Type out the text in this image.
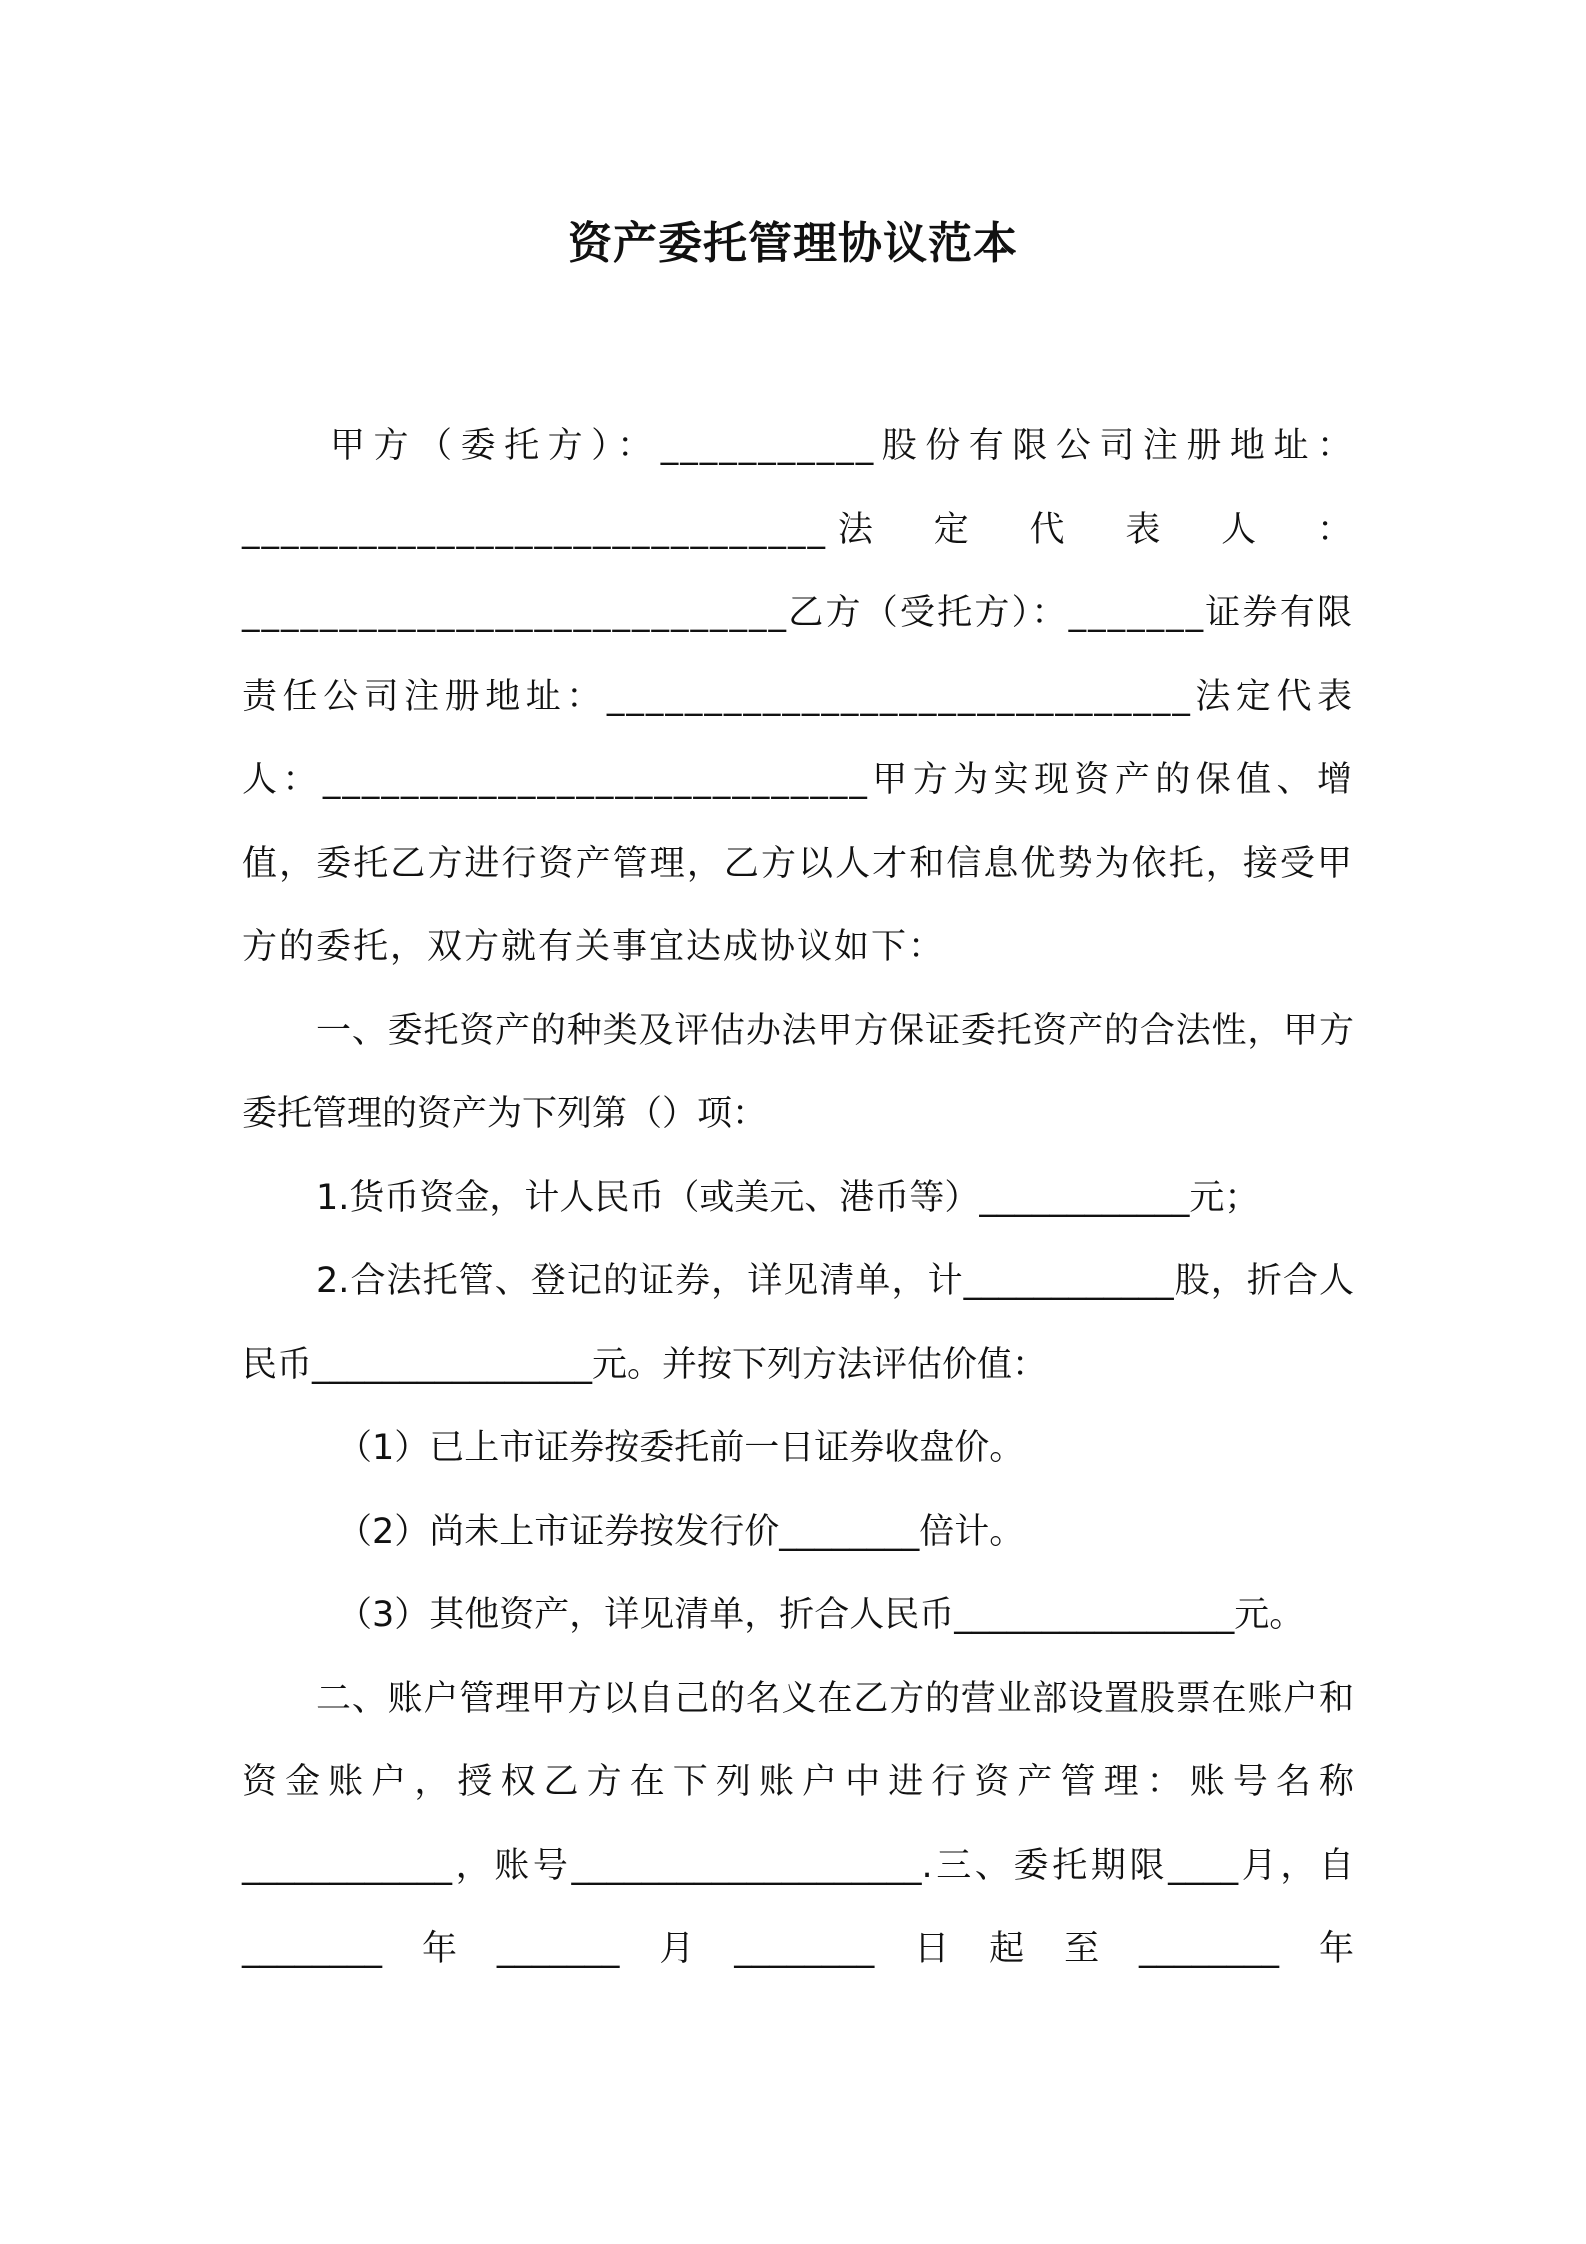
资产委托管理协议范本

甲方（委托方）：___________股份有限公司注册地址：______________________________法　定　代　表　人　：____________________________乙方（受托方）：_______证券有限责任公司注册地址：______________________________法定代表人：____________________________甲方为实现资产的保值、增值，委托乙方进行资产管理，乙方以人才和信息优势为依托，接受甲方的委托，双方就有关事宜达成协议如下：

一、委托资产的种类及评估办法甲方保证委托资产的合法性，甲方委托管理的资产为下列第（）项：

1.货币资金，计人民币（或美元、港币等）____________元；

2.合法托管、登记的证券，详见清单，计____________股，折合人民币________________元。并按下列方法评估价值：

（1）已上市证券按委托前一日证券收盘价。

（2）尚未上市证券按发行价________倍计。

（3）其他资产，详见清单，折合人民币________________元。

二、账户管理甲方以自己的名义在乙方的营业部设置股票在账户和资金账户，授权乙方在下列账户中进行资产管理：账号名称____________，账号____________________.三、委托期限____月，自________年_______月________日起至________年
